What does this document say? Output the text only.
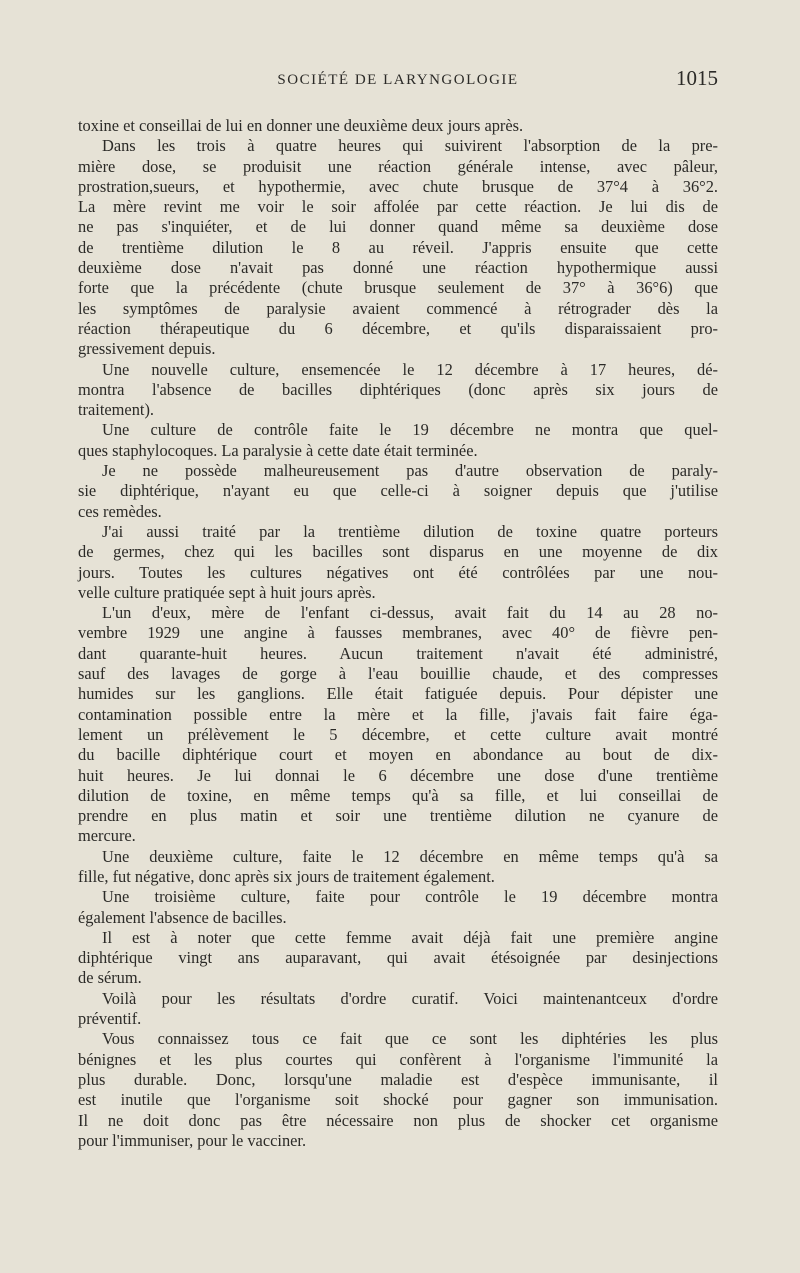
SOCIÉTÉ DE LARYNGOLOGIE	1015

toxine et conseillai de lui en donner une deuxième deux jours après.

Dans les trois à quatre heures qui suivirent l'absorption de la pre-
mière dose, se produisit une réaction générale intense, avec pâleur,
prostration,sueurs, et hypothermie, avec chute brusque de 37°4 à 36°2.
La mère revint me voir le soir affolée par cette réaction. Je lui dis de
ne pas s'inquiéter, et de lui donner quand même sa deuxième dose
de trentième dilution le 8 au réveil. J'appris ensuite que cette
deuxième dose n'avait pas donné une réaction hypothermique aussi
forte que la précédente (chute brusque seulement de 37° à 36°6) que
les symptômes de paralysie avaient commencé à rétrograder dès la
réaction thérapeutique du 6 décembre, et qu'ils disparaissaient pro-
gressivement depuis.

Une nouvelle culture, ensemencée le 12 décembre à 17 heures, dé-
montra l'absence de bacilles diphtériques (donc après six jours de
traitement).

Une culture de contrôle faite le 19 décembre ne montra que quel-
ques staphylocoques. La paralysie à cette date était terminée.

Je ne possède malheureusement pas d'autre observation de paraly-
sie diphtérique, n'ayant eu que celle-ci à soigner depuis que j'utilise
ces remèdes.

J'ai aussi traité par la trentième dilution de toxine quatre porteurs
de germes, chez qui les bacilles sont disparus en une moyenne de dix
jours. Toutes les cultures négatives ont été contrôlées par une nou-
velle culture pratiquée sept à huit jours après.

L'un d'eux, mère de l'enfant ci-dessus, avait fait du 14 au 28 no-
vembre 1929 une angine à fausses membranes, avec 40° de fièvre pen-
dant quarante-huit heures. Aucun traitement n'avait été administré,
sauf des lavages de gorge à l'eau bouillie chaude, et des compresses
humides sur les ganglions. Elle était fatiguée depuis. Pour dépister une
contamination possible entre la mère et la fille, j'avais fait faire éga-
lement un prélèvement le 5 décembre, et cette culture avait montré
du bacille diphtérique court et moyen en abondance au bout de dix-
huit heures. Je lui donnai le 6 décembre une dose d'une trentième
dilution de toxine, en même temps qu'à sa fille, et lui conseillai de
prendre en plus matin et soir une trentième dilution ne cyanure de
mercure.

Une deuxième culture, faite le 12 décembre en même temps qu'à sa
fille, fut négative, donc après six jours de traitement également.

Une troisième culture, faite pour contrôle le 19 décembre montra
également l'absence de bacilles.

Il est à noter que cette femme avait déjà fait une première angine
diphtérique vingt ans auparavant, qui avait étésoignée par desinjections
de sérum.

Voilà pour les résultats d'ordre curatif. Voici maintenantceux d'ordre
préventif.

Vous connaissez tous ce fait que ce sont les diphtéries les plus
bénignes et les plus courtes qui confèrent à l'organisme l'immunité la
plus durable. Donc, lorsqu'une maladie est d'espèce immunisante, il
est inutile que l'organisme soit shocké pour gagner son immunisation.
Il ne doit donc pas être nécessaire non plus de shocker cet organisme
pour l'immuniser, pour le vacciner.
